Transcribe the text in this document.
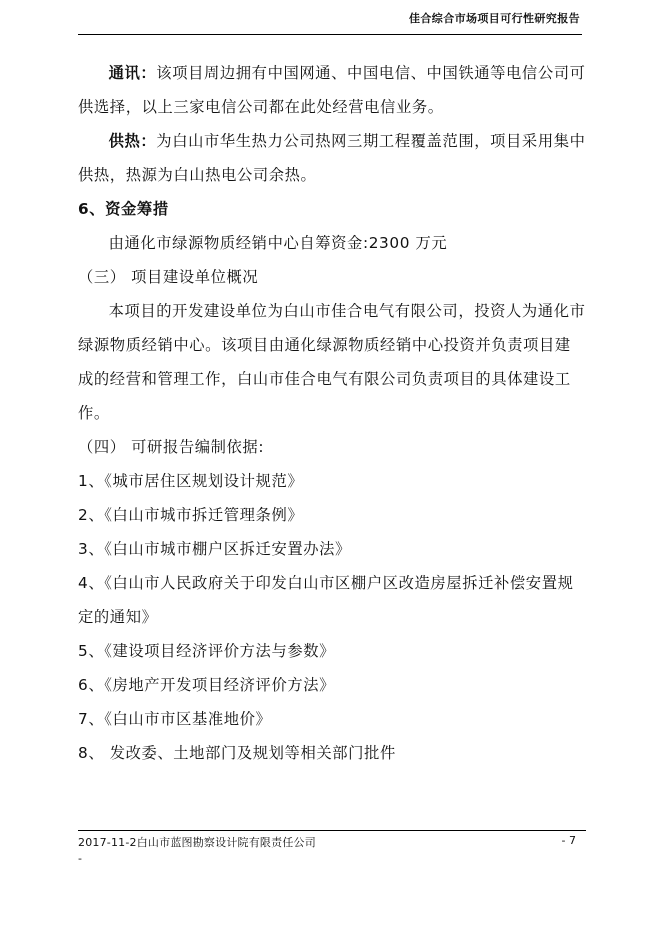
佳合综合市场项目可行性研究报告

通讯：该项目周边拥有中国网通、中国电信、中国铁通等电信公司可供选择，以上三家电信公司都在此处经营电信业务。

供热：为白山市华生热力公司热网三期工程覆盖范围，项目采用集中供热，热源为白山热电公司余热。

6、资金筹措

由通化市绿源物质经销中心自筹资金:2300 万元

（三） 项目建设单位概况

本项目的开发建设单位为白山市佳合电气有限公司，投资人为通化市绿源物质经销中心。该项目由通化绿源物质经销中心投资并负责项目建成的经营和管理工作，白山市佳合电气有限公司负责项目的具体建设工作。

（四） 可研报告编制依据:

1、《城市居住区规划设计规范》

2、《白山市城市拆迁管理条例》

3、《白山市城市棚户区拆迁安置办法》

4、《白山市人民政府关于印发白山市区棚户区改造房屋拆迁补偿安置规定的通知》

5、《建设项目经济评价方法与参数》

6、《房地产开发项目经济评价方法》

7、《白山市市区基准地价》

8、 发改委、土地部门及规划等相关部门批件

2017-11-2白山市蓝图勘察设计院有限责任公司	- 7
-
